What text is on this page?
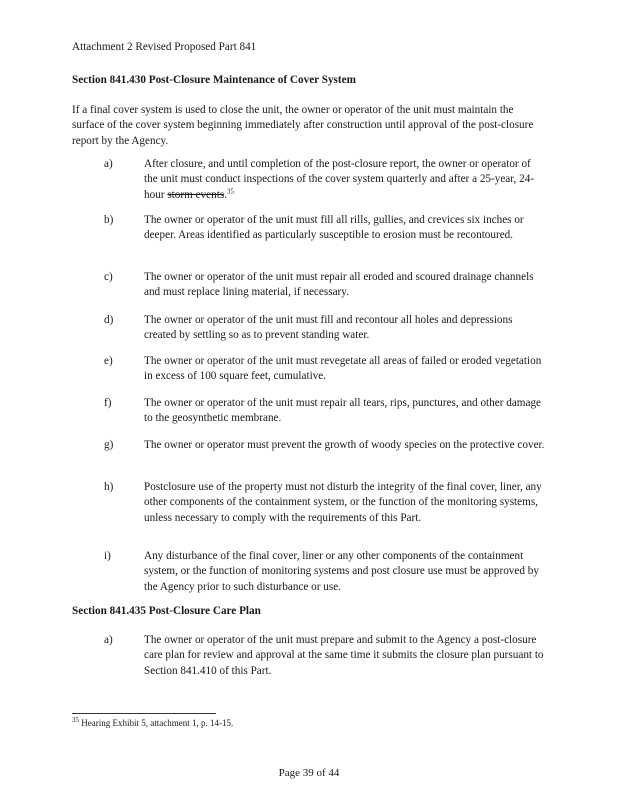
Attachment 2 Revised Proposed Part 841
Section 841.430 Post-Closure Maintenance of Cover System
If a final cover system is used to close the unit, the owner or operator of the unit must maintain the surface of the cover system beginning immediately after construction until approval of the post-closure report by the Agency.
a)	After closure, and until completion of the post-closure report, the owner or operator of the unit must conduct inspections of the cover system quarterly and after a 25-year, 24-hour storm events.$^{35}$
b)	The owner or operator of the unit must fill all rills, gullies, and crevices six inches or deeper. Areas identified as particularly susceptible to erosion must be recontoured.
c)	The owner or operator of the unit must repair all eroded and scoured drainage channels and must replace lining material, if necessary.
d)	The owner or operator of the unit must fill and recontour all holes and depressions created by settling so as to prevent standing water.
e)	The owner or operator of the unit must revegetate all areas of failed or eroded vegetation in excess of 100 square feet, cumulative.
f)	The owner or operator of the unit must repair all tears, rips, punctures, and other damage to the geosynthetic membrane.
g)	The owner or operator must prevent the growth of woody species on the protective cover.
h)	Postclosure use of the property must not disturb the integrity of the final cover, liner, any other components of the containment system, or the function of the monitoring systems, unless necessary to comply with the requirements of this Part.
i)	Any disturbance of the final cover, liner or any other components of the containment system, or the function of monitoring systems and post closure use must be approved by the Agency prior to such disturbance or use.
Section 841.435 Post-Closure Care Plan
a)	The owner or operator of the unit must prepare and submit to the Agency a post-closure care plan for review and approval at the same time it submits the closure plan pursuant to Section 841.410 of this Part.
$^{35}$ Hearing Exhibit 5, attachment 1, p. 14-15.
Page 39 of 44
